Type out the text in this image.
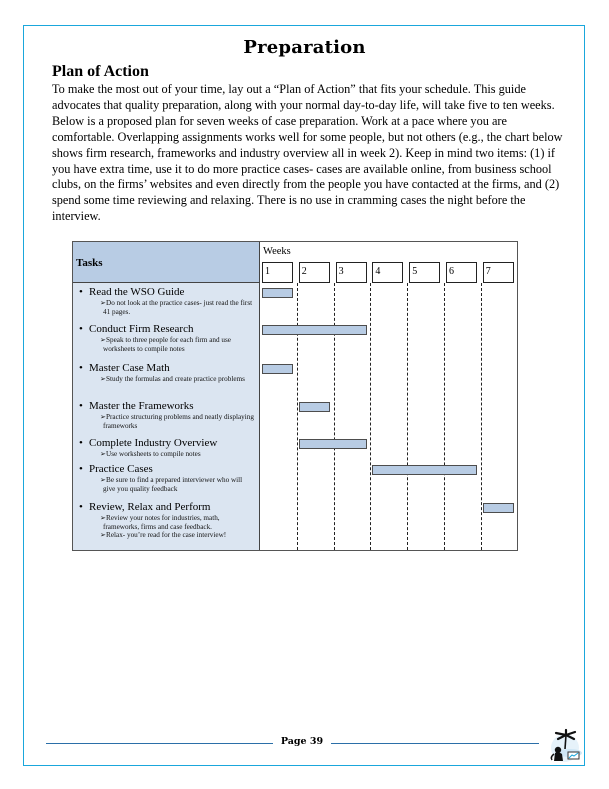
Preparation
Plan of Action

To make the most out of your time, lay out a “Plan of Action” that fits your schedule. This guide advocates that quality preparation, along with your normal day-to-day life, will take five to ten weeks. Below is a proposed plan for seven weeks of case preparation. Work at a pace where you are comfortable. Overlapping assignments works well for some people, but not others (e.g., the chart below shows firm research, frameworks and industry overview all in week 2). Keep in mind two items: (1) if you have extra time, use it to do more practice cases- cases are available online, from business school clubs, on the firms’ websites and even directly from the people you have contacted at the firms, and (2) spend some time reviewing and relaxing. There is no use in cramming cases the night before the interview.

Tasks
• Read the WSO Guide
➢Do not look at the practice cases- just read the first 41 pages.
• Conduct Firm Research
➢Speak to three people for each firm and use worksheets to compile notes
• Master Case Math
➢Study the formulas and create practice problems
• Master the Frameworks
➢Practice structuring problems and neatly displaying frameworks
• Complete Industry Overview
➢Use worksheets to compile notes
• Practice Cases
➢Be sure to find a prepared interviewer who will give you quality feedback
• Review, Relax and Perform
➢Review your notes for industries, math, frameworks, firms and case feedback.
➢Relax- you’re read for the case interview!
Weeks
1	2	3	4	5	6	7
Page 39
